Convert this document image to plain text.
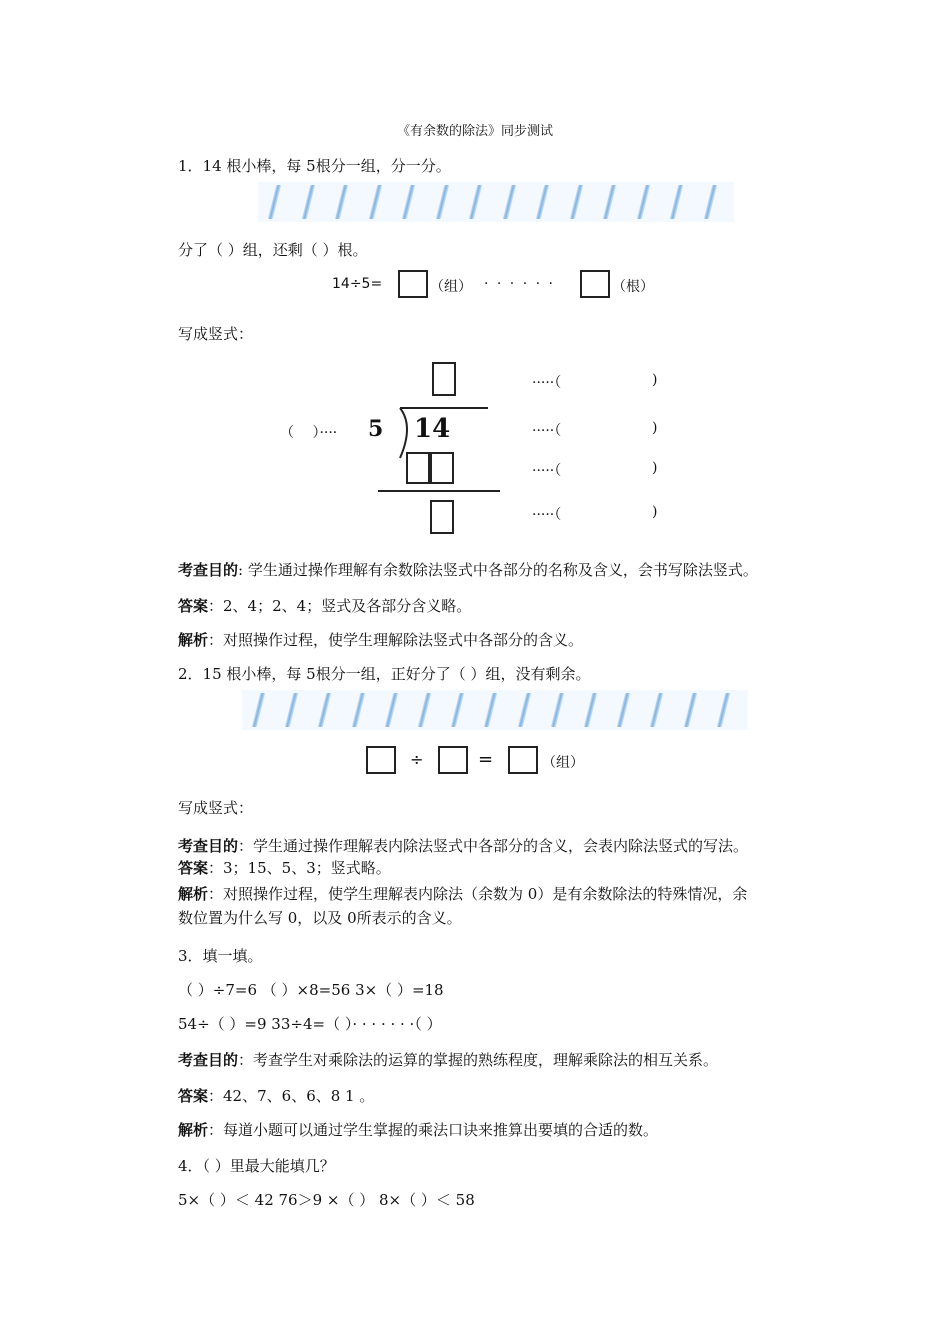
《有余数的除法》同步测试
1．14 根小棒，每 5根分一组，分一分。
分了（ ）组，还剩（ ）根。
14÷5=	（组） · · · · · ·	（根）
写成竖式：
（　 ）···· 5 14
·····（	)
·····（	)
·····（	)
·····（	)
考查目的: 学生通过操作理解有余数除法竖式中各部分的名称及含义，会书写除法竖式。
答案：2、4；2、4；竖式及各部分含义略。
解析：对照操作过程，使学生理解除法竖式中各部分的含义。
2．15 根小棒，每 5根分一组，正好分了（ ）组，没有剩余。
÷	=	（组）
写成竖式：
考查目的：学生通过操作理解表内除法竖式中各部分的含义，会表内除法竖式的写法。
答案：3；15、5、3；竖式略。
解析：对照操作过程，使学生理解表内除法（余数为 0）是有余数除法的特殊情况，余
数位置为什么写 0，以及 0所表示的含义。
3．填一填。
（ ）÷7=6 （ ）×8=56 3×（ ）=18
54÷（ ）=9 33÷4=（ ）· · · · · · ·（ ）
考查目的：考查学生对乘除法的运算的掌握的熟练程度，理解乘除法的相互关系。
答案：42、7、6、6、8 1 。
解析：每道小题可以通过学生掌握的乘法口诀来推算出要填的合适的数。
4．（ ）里最大能填几？
5×（ ）＜ 42 76＞9 ×（ ） 8×（ ）＜ 58
